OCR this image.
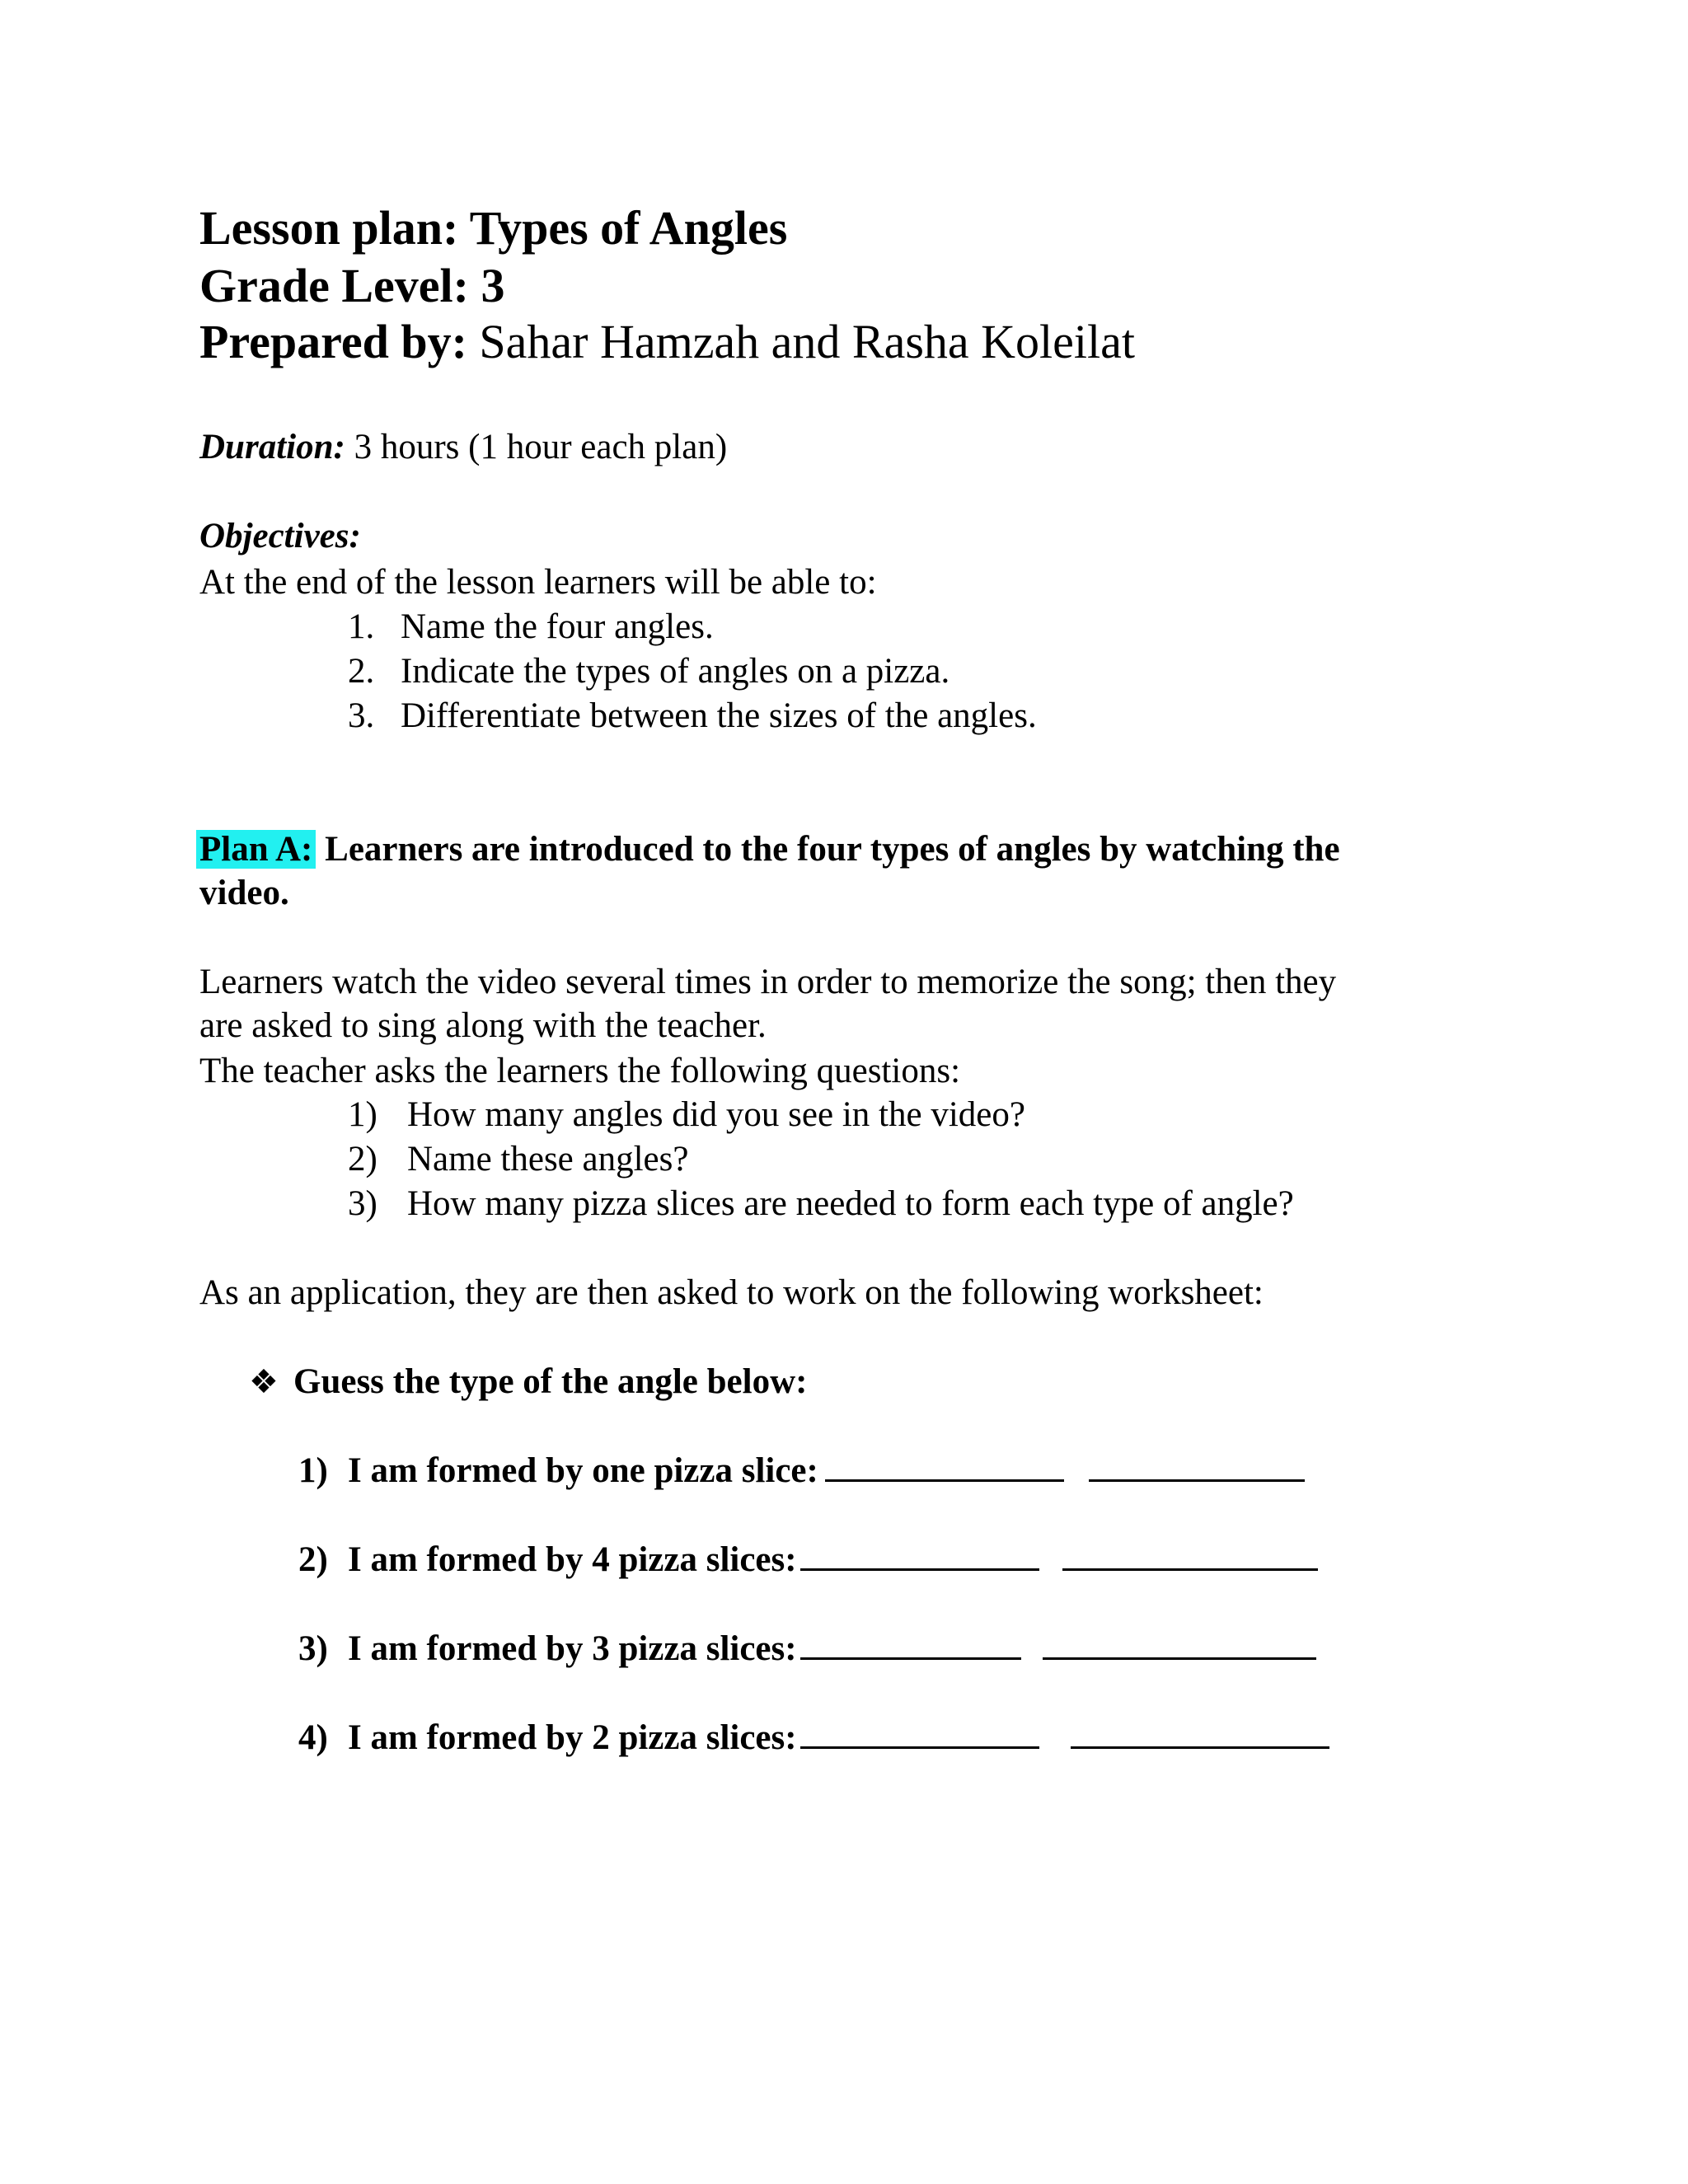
Lesson plan: Types of Angles
Grade Level: 3
Prepared by: Sahar Hamzah and Rasha Koleilat
Duration: 3 hours (1 hour each plan)
Objectives:
At the end of the lesson learners will be able to:
1. Name the four angles.
2. Indicate the types of angles on a pizza.
3. Differentiate between the sizes of the angles.
Plan A: Learners are introduced to the four types of angles by watching the
video.
Learners watch the video several times in order to memorize the song; then they
are asked to sing along with the teacher.
The teacher asks the learners the following questions:
1) How many angles did you see in the video?
2) Name these angles?
3) How many pizza slices are needed to form each type of angle?
As an application, they are then asked to work on the following worksheet:
❖ Guess the type of the angle below:
1) I am formed by one pizza slice:
2) I am formed by 4 pizza slices:
3) I am formed by 3 pizza slices:
4) I am formed by 2 pizza slices:
